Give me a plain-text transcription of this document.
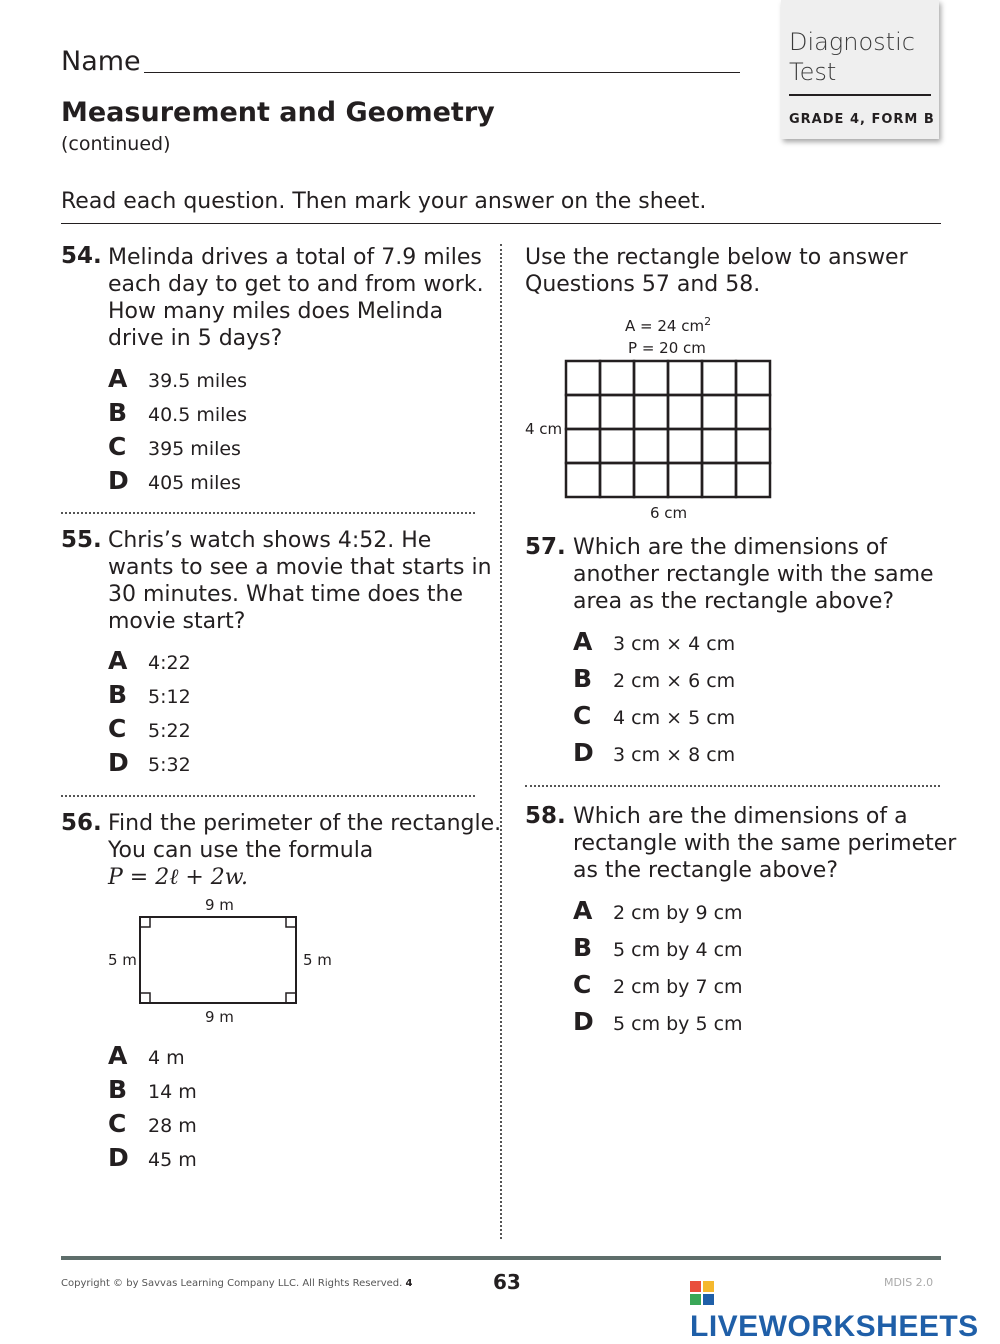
Name
Measurement and Geometry
(continued)
Read each question. Then mark your answer on the sheet.
Diagnostic
Test
GRADE 4, FORM B
54. Melinda drives a total of 7.9 miles
each day to get to and from work.
How many miles does Melinda
drive in 5 days?
A 39.5 miles
B 40.5 miles
C 395 miles
D 405 miles
55. Chris’s watch shows 4:52. He
wants to see a movie that starts in
30 minutes. What time does the
movie start?
A 4:22
B 5:12
C 5:22
D 5:32
56. Find the perimeter of the rectangle.
You can use the formula
P = 2ℓ + 2w.
9 m
9 m
5 m	5 m
A 4 m
B 14 m
C 28 m
D 45 m
Use the rectangle below to answer
Questions 57 and 58.
A = 24 $cm^2$
P = 20 cm
4 cm
6 cm
57. Which are the dimensions of
another rectangle with the same
area as the rectangle above?
A 3 cm × 4 cm
B 2 cm × 6 cm
C 4 cm × 5 cm
D 3 cm × 8 cm
58. Which are the dimensions of a
rectangle with the same perimeter
as the rectangle above?
A 2 cm by 9 cm
B 5 cm by 4 cm
C 2 cm by 7 cm
D 5 cm by 5 cm
Copyright © by Savvas Learning Company LLC. All Rights Reserved. 4	63	MDIS 2.0
LIVEWORKSHEETS
